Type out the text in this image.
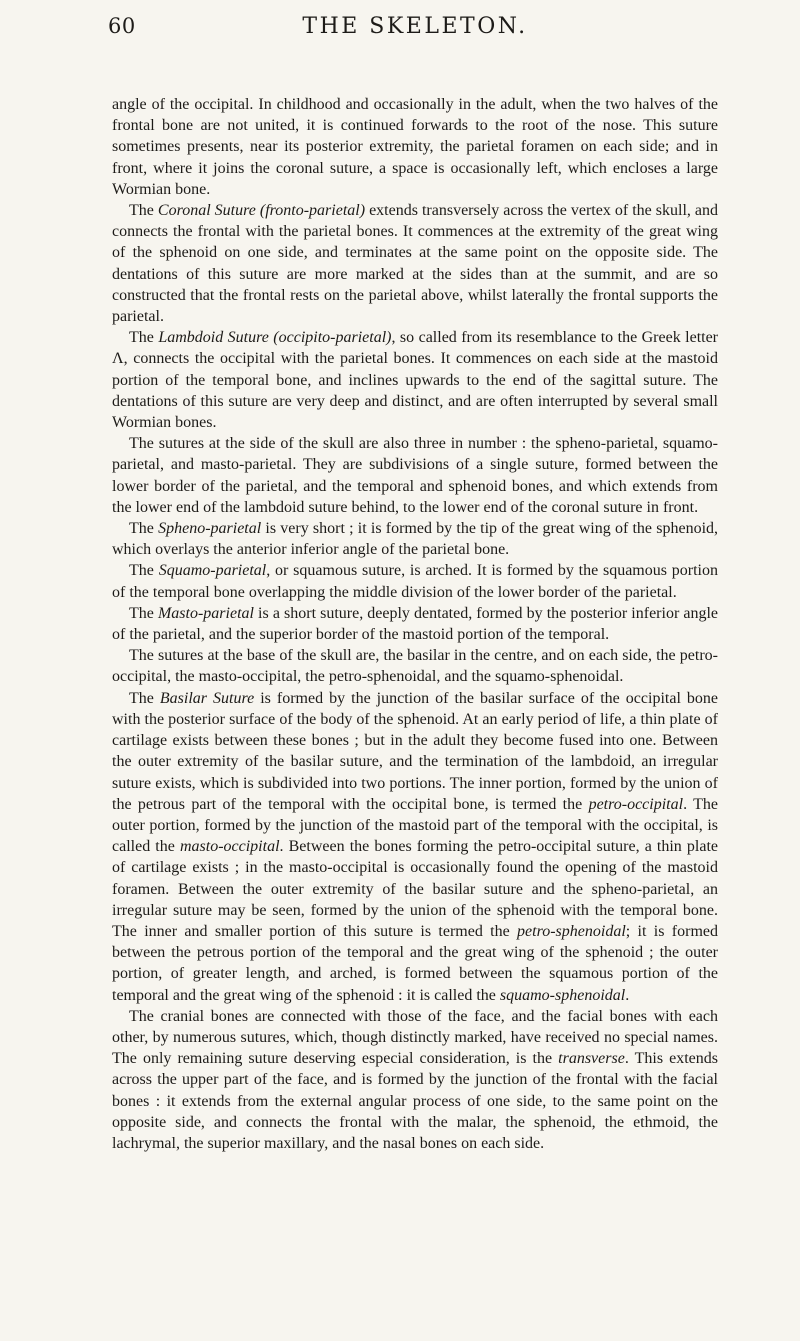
60	THE SKELETON.

angle of the occipital. In childhood and occasionally in the adult, when the two halves of the frontal bone are not united, it is continued forwards to the root of the nose. This suture sometimes presents, near its posterior extremity, the parietal foramen on each side; and in front, where it joins the coronal suture, a space is occasionally left, which encloses a large Wormian bone.

The Coronal Suture (fronto-parietal) extends transversely across the vertex of the skull, and connects the frontal with the parietal bones. It commences at the extremity of the great wing of the sphenoid on one side, and terminates at the same point on the opposite side. The dentations of this suture are more marked at the sides than at the summit, and are so constructed that the frontal rests on the parietal above, whilst laterally the frontal supports the parietal.

The Lambdoid Suture (occipito-parietal), so called from its resemblance to the Greek letter Λ, connects the occipital with the parietal bones. It commences on each side at the mastoid portion of the temporal bone, and inclines upwards to the end of the sagittal suture. The dentations of this suture are very deep and distinct, and are often interrupted by several small Wormian bones.

The sutures at the side of the skull are also three in number : the spheno-parietal, squamo-parietal, and masto-parietal. They are subdivisions of a single suture, formed between the lower border of the parietal, and the temporal and sphenoid bones, and which extends from the lower end of the lambdoid suture behind, to the lower end of the coronal suture in front.

The Spheno-parietal is very short ; it is formed by the tip of the great wing of the sphenoid, which overlays the anterior inferior angle of the parietal bone.

The Squamo-parietal, or squamous suture, is arched. It is formed by the squamous portion of the temporal bone overlapping the middle division of the lower border of the parietal.

The Masto-parietal is a short suture, deeply dentated, formed by the posterior inferior angle of the parietal, and the superior border of the mastoid portion of the temporal.

The sutures at the base of the skull are, the basilar in the centre, and on each side, the petro-occipital, the masto-occipital, the petro-sphenoidal, and the squamo-sphenoidal.

The Basilar Suture is formed by the junction of the basilar surface of the occipital bone with the posterior surface of the body of the sphenoid. At an early period of life, a thin plate of cartilage exists between these bones ; but in the adult they become fused into one. Between the outer extremity of the basilar suture, and the termination of the lambdoid, an irregular suture exists, which is subdivided into two portions. The inner portion, formed by the union of the petrous part of the temporal with the occipital bone, is termed the petro-occipital. The outer portion, formed by the junction of the mastoid part of the temporal with the occipital, is called the masto-occipital. Between the bones forming the petro-occipital suture, a thin plate of cartilage exists ; in the masto-occipital is occasionally found the opening of the mastoid foramen. Between the outer extremity of the basilar suture and the spheno-parietal, an irregular suture may be seen, formed by the union of the sphenoid with the temporal bone. The inner and smaller portion of this suture is termed the petro-sphenoidal; it is formed between the petrous portion of the temporal and the great wing of the sphenoid ; the outer portion, of greater length, and arched, is formed between the squamous portion of the temporal and the great wing of the sphenoid : it is called the squamo-sphenoidal.

The cranial bones are connected with those of the face, and the facial bones with each other, by numerous sutures, which, though distinctly marked, have received no special names. The only remaining suture deserving especial consideration, is the transverse. This extends across the upper part of the face, and is formed by the junction of the frontal with the facial bones : it extends from the external angular process of one side, to the same point on the opposite side, and connects the frontal with the malar, the sphenoid, the ethmoid, the lachrymal, the superior maxillary, and the nasal bones on each side.
